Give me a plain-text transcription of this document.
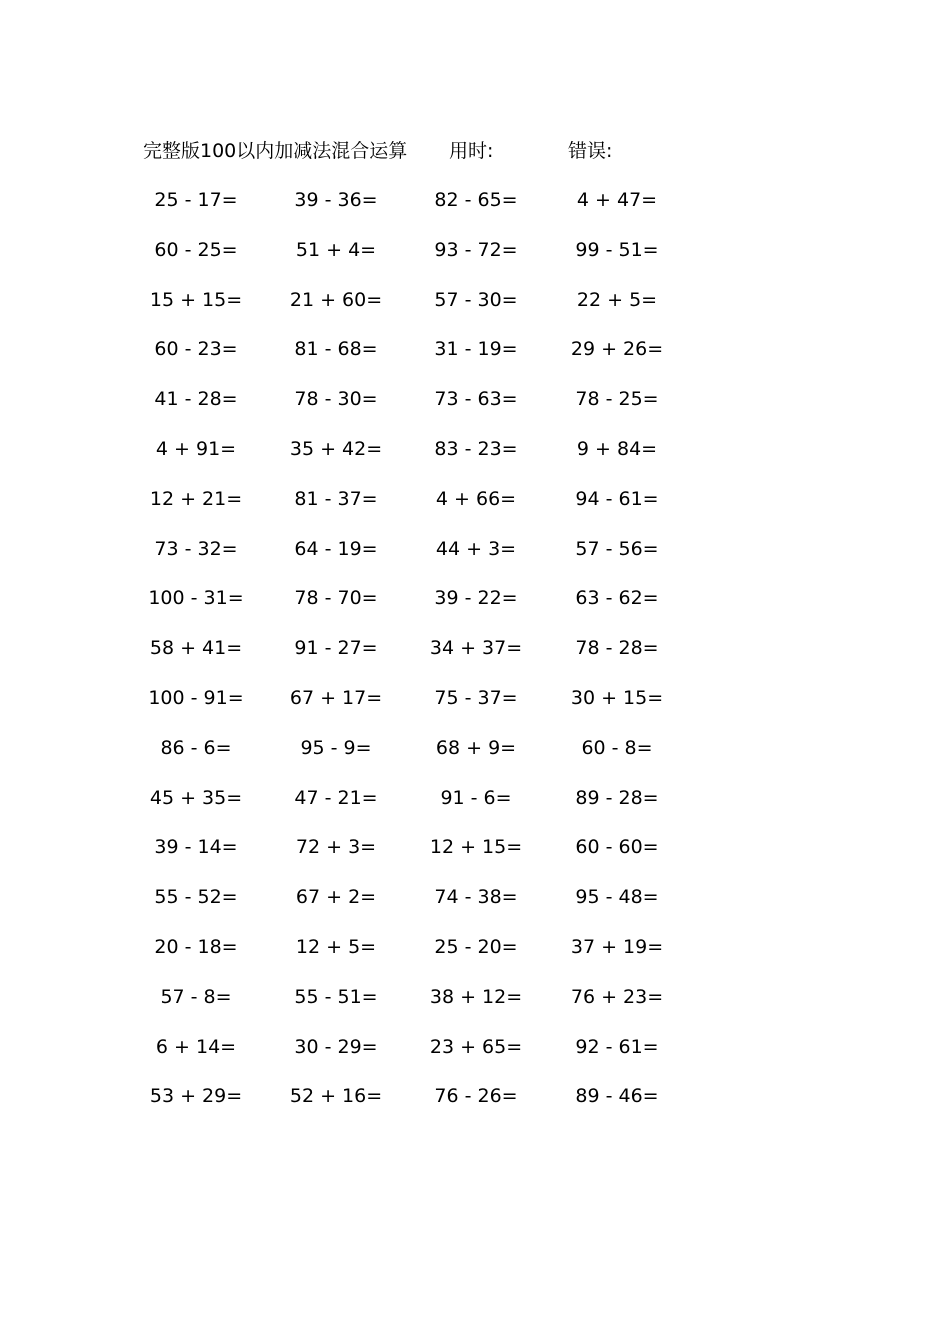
完整版100以内加减法混合运算 用时:	错误:
25 - 17=	39 - 36=	82 - 65=	4 + 47=
60 - 25=	51 + 4=	93 - 72=	99 - 51=
15 + 15=	21 + 60=	57 - 30=	22 + 5=
60 - 23=	81 - 68=	31 - 19=	29 + 26=
41 - 28=	78 - 30=	73 - 63=	78 - 25=
4 + 91=	35 + 42=	83 - 23=	9 + 84=
12 + 21=	81 - 37=	4 + 66=	94 - 61=
73 - 32=	64 - 19=	44 + 3=	57 - 56=
100 - 31=	78 - 70=	39 - 22=	63 - 62=
58 + 41=	91 - 27=	34 + 37=	78 - 28=
100 - 91=	67 + 17=	75 - 37=	30 + 15=
86 - 6=	95 - 9=	68 + 9=	60 - 8=
45 + 35=	47 - 21=	91 - 6=	89 - 28=
39 - 14=	72 + 3=	12 + 15=	60 - 60=
55 - 52=	67 + 2=	74 - 38=	95 - 48=
20 - 18=	12 + 5=	25 - 20=	37 + 19=
57 - 8=	55 - 51=	38 + 12=	76 + 23=
6 + 14=	30 - 29=	23 + 65=	92 - 61=
53 + 29=	52 + 16=	76 - 26=	89 - 46=
